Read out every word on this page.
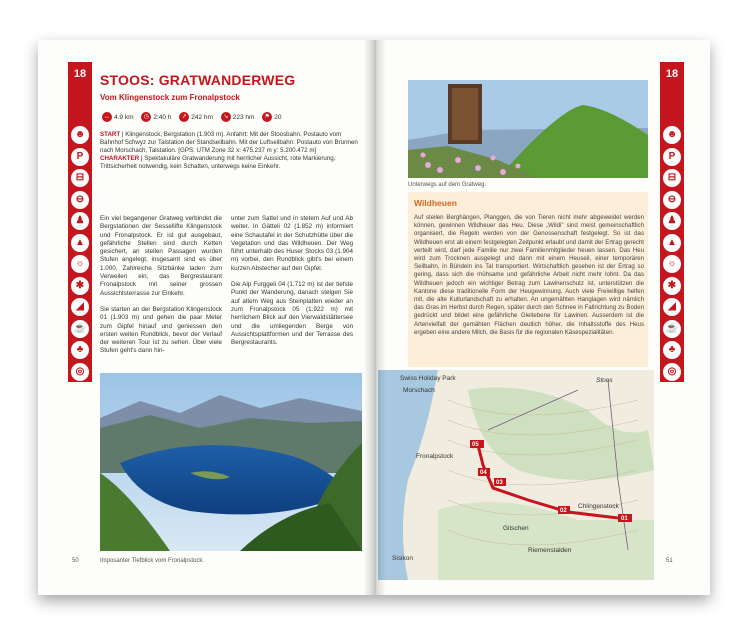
18
☻
P
⊟
⊖
♟
▲
☼
✱
◢
☕
♣
◎
STOOS: GRATWANDERWEG
Vom Klingenstock zum Fronalpstock
↔ 4.9 km ◷ 2:40 h ↗ 242 hm ↘ 223 hm ⚑ 20
START | Klingenstock, Bergstation (1.903 m). Anfahrt: Mit der Stoosbahn. Postauto vom Bahnhof Schwyz zur Talstation der Standseilbahn. Mit der Luftseilbahn: Postauto von Brunnen nach Morschach, Talstation. [GPS: UTM Zone 32 x: 475.237 m y: 5.200.472 m]
CHARAKTER | Spektakuläre Gratwanderung mit herrlicher Aussicht, rote Markierung, Trittsicherheit notwendig, kein Schatten, unterwegs keine Einkehr.

Ein viel begangener Gratweg verbindet die Bergstationen der Sessellifte Klingenstock und Fronalpstock. Er ist gut ausgebaut, gefährliche Stellen sind durch Ketten gesichert, an steilen Passagen wurden Stufen angelegt, insgesamt sind es über 1.000. Zahlreiche Sitzbänke laden zum Verweilen ein, das Bergrestaurant Fronalpstock mit seiner grossen Aussichtsterrasse zur Einkehr.

Sie starten an der Bergstation Klingenstock 01 (1.903 m) und gehen die paar Meter zum Gipfel hinauf und geniessen den ersten weiten Rundblick, bevor der Verlauf der weiteren Tour ist zu sehen. Über viele Stufen geht's dann hin-

unter zum Sattel und in stetem Auf und Ab weiter. In Gätteli 02 (1.852 m) informiert eine Schautafel in der Schutzhütte über die Vegetation und das Wildheuen. Der Weg führt unterhalb des Huser Stocks 03 (1.904 m) vorbei, den Rundblick gibt's bei einem kurzen Abstecher auf den Gipfel.

Die Alp Furggeli 04 (1.712 m) ist der tiefste Punkt der Wanderung, danach steigen Sie auf altem Weg aus Steinplatten wieder an zum Fronalpstock 05 (1.922 m) mit herrlichem Blick auf den Vierwaldstättersee und die umliegenden Berge von Aussichtsplattformen und der Terrasse des Bergrestaurants.

Imposanter Tiefblick vom Fronalpstock.
50
18
☻
P
⊟
⊖
♟
▲
☼
✱
◢
☕
♣
◎
Unterwegs auf dem Gratweg.
Wildheuen
Auf steilen Berghängen, Planggen, die von Tieren nicht mehr abgeweidet werden können, gewinnen Wildheuer das Heu. Diese „Wildi" sind meist gemeinschaftlich organisiert, die Regeln werden von der Genossenschaft festgelegt. So ist das Wildheuen erst ab einem festgelegten Zeitpunkt erlaubt und damit der Ertrag gerecht verteilt wird, darf jede Familie nur zwei Familienmitglieder heuen lassen. Das Heu wird zum Trocknen ausgelegt und dann mit einem Heuseil, einer temporären Seilbahn, in Bündeln ins Tal transportiert. Wirtschaftlich gesehen ist der Ertrag so gering, dass sich die mühsame und gefährliche Arbeit nicht mehr lohnt. Da das Wildheuen jedoch ein wichtiger Betrag zum Lawinenschutz ist, unterstützen die Kantone diese traditionelle Form der Heugewinnung. Auch viele Freiwillige helfen mit, die alte Kulturlandschaft zu erhalten. An ungemähten Hanglagen wird nämlich das Gras im Herbst durch Regen, später durch den Schnee in Fallrichtung zu Boden gedrückt und bildet eine gefährliche Gleitebene für Lawinen. Ausserdem ist die Artenvielfalt der gemähten Flächen deutlich höher, die Inhaltsstoffe des Heus ergeben eine andere Milch, die Basis für die regionalen Käsespezialitäten.
01
02
03
04
05
Swiss Holiday Park
Morschach
Stoos
Fronalpstock
Sisikon
Riemenstalden
Chlingenstock
Gitschen
51
